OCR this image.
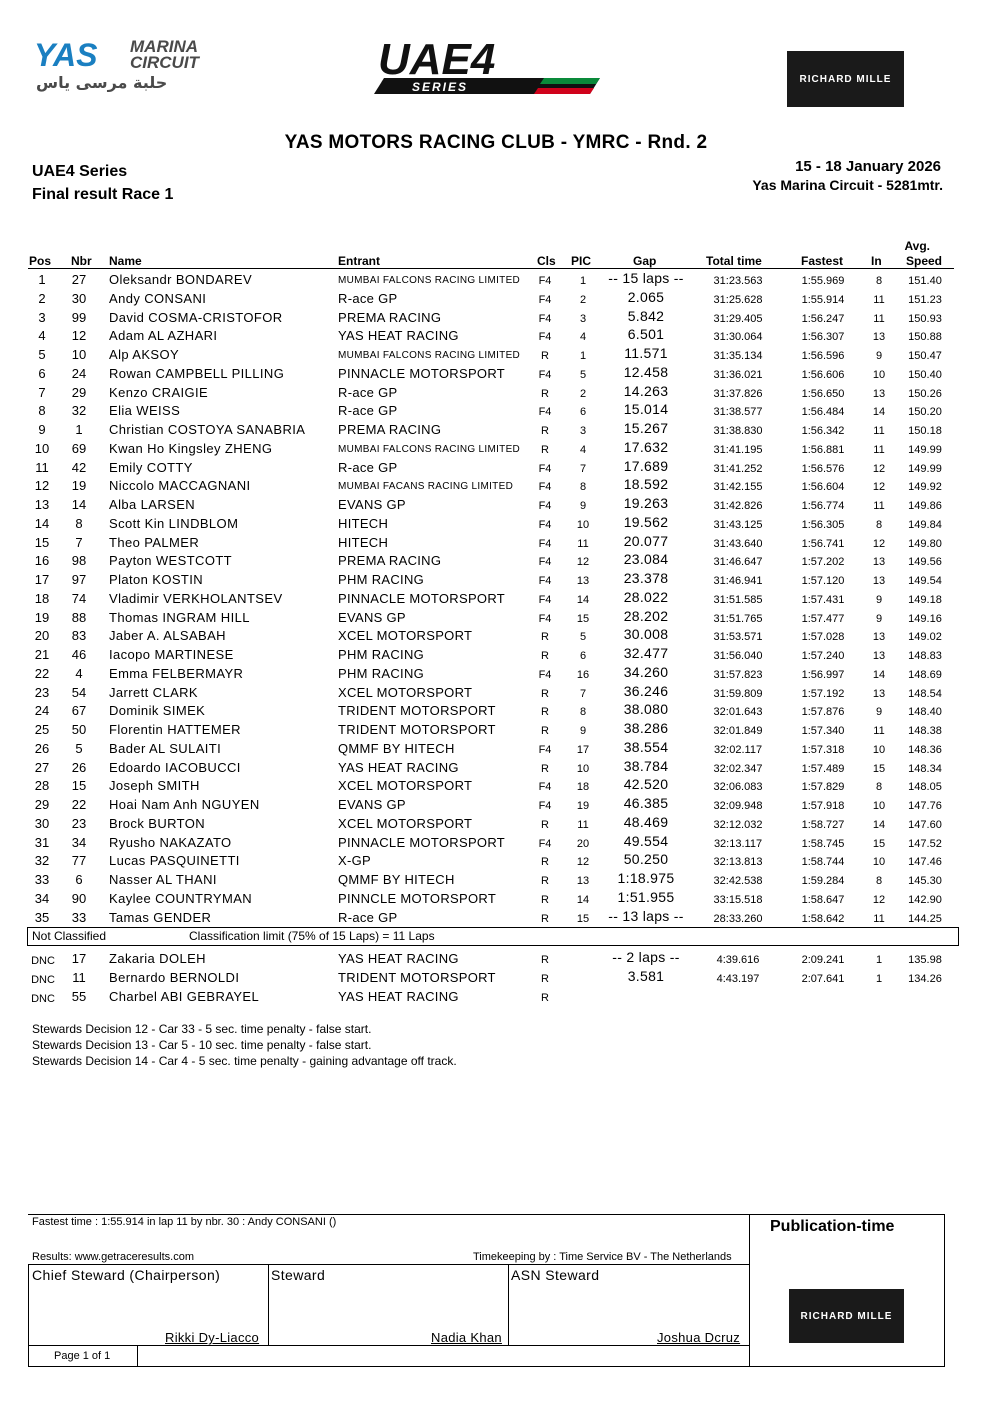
YAS MARINA
CIRCUIT
حلبة مرسى ياس	UAE4
SERIES
RICHARD MILLE
YAS MOTORS RACING CLUB - YMRC - Rnd. 2
UAE4 Series
Final result Race 1
15 - 18 January 2026
Yas Marina Circuit - 5281mtr.
Pos Nbr Name	Entrant	Cls PIC	Gap	Total time	Fastest In
Avg.
Speed
1	27	Oleksandr BONDAREV	MUMBAI FALCONS RACING LIMITED	F4	1	-- 15 laps --	31:23.563	1:55.969	8	151.40
2	30	Andy CONSANI	R-ace GP	F4	2	2.065	31:25.628	1:55.914	11	151.23
3	99	David COSMA-CRISTOFOR	PREMA RACING	F4	3	5.842	31:29.405	1:56.247	11	150.93
4	12	Adam AL AZHARI	YAS HEAT RACING	F4	4	6.501	31:30.064	1:56.307	13	150.88
5	10	Alp AKSOY	MUMBAI FALCONS RACING LIMITED	R	1	11.571	31:35.134	1:56.596	9	150.47
6	24	Rowan CAMPBELL PILLING	PINNACLE MOTORSPORT	F4	5	12.458	31:36.021	1:56.606	10	150.40
7	29	Kenzo CRAIGIE	R-ace GP	R	2	14.263	31:37.826	1:56.650	13	150.26
8	32	Elia WEISS	R-ace GP	F4	6	15.014	31:38.577	1:56.484	14	150.20
9	1	Christian COSTOYA SANABRIA	PREMA RACING	R	3	15.267	31:38.830	1:56.342	11	150.18
10	69	Kwan Ho Kingsley ZHENG	MUMBAI FALCONS RACING LIMITED	R	4	17.632	31:41.195	1:56.881	11	149.99
11	42	Emily COTTY	R-ace GP	F4	7	17.689	31:41.252	1:56.576	12	149.99
12	19	Niccolo MACCAGNANI	MUMBAI FACANS RACING LIMITED	F4	8	18.592	31:42.155	1:56.604	12	149.92
13	14	Alba LARSEN	EVANS GP	F4	9	19.263	31:42.826	1:56.774	11	149.86
14	8	Scott Kin LINDBLOM	HITECH	F4	10	19.562	31:43.125	1:56.305	8	149.84
15	7	Theo PALMER	HITECH	F4	11	20.077	31:43.640	1:56.741	12	149.80
16	98	Payton WESTCOTT	PREMA RACING	F4	12	23.084	31:46.647	1:57.202	13	149.56
17	97	Platon KOSTIN	PHM RACING	F4	13	23.378	31:46.941	1:57.120	13	149.54
18	74	Vladimir VERKHOLANTSEV	PINNACLE MOTORSPORT	F4	14	28.022	31:51.585	1:57.431	9	149.18
19	88	Thomas INGRAM HILL	EVANS GP	F4	15	28.202	31:51.765	1:57.477	9	149.16
20	83	Jaber A. ALSABAH	XCEL MOTORSPORT	R	5	30.008	31:53.571	1:57.028	13	149.02
21	46	Iacopo MARTINESE	PHM RACING	R	6	32.477	31:56.040	1:57.240	13	148.83
22	4	Emma FELBERMAYR	PHM RACING	F4	16	34.260	31:57.823	1:56.997	14	148.69
23	54	Jarrett CLARK	XCEL MOTORSPORT	R	7	36.246	31:59.809	1:57.192	13	148.54
24	67	Dominik SIMEK	TRIDENT MOTORSPORT	R	8	38.080	32:01.643	1:57.876	9	148.40
25	50	Florentin HATTEMER	TRIDENT MOTORSPORT	R	9	38.286	32:01.849	1:57.340	11	148.38
26	5	Bader AL SULAITI	QMMF BY HITECH	F4	17	38.554	32:02.117	1:57.318	10	148.36
27	26	Edoardo IACOBUCCI	YAS HEAT RACING	R	10	38.784	32:02.347	1:57.489	15	148.34
28	15	Joseph SMITH	XCEL MOTORSPORT	F4	18	42.520	32:06.083	1:57.829	8	148.05
29	22	Hoai Nam Anh NGUYEN	EVANS GP	F4	19	46.385	32:09.948	1:57.918	10	147.76
30	23	Brock BURTON	XCEL MOTORSPORT	R	11	48.469	32:12.032	1:58.727	14	147.60
31	34	Ryusho NAKAZATO	PINNACLE MOTORSPORT	F4	20	49.554	32:13.117	1:58.745	15	147.52
32	77	Lucas PASQUINETTI	X-GP	R	12	50.250	32:13.813	1:58.744	10	147.46
33	6	Nasser AL THANI	QMMF BY HITECH	R	13	1:18.975	32:42.538	1:59.284	8	145.30
34	90	Kaylee COUNTRYMAN	PINNCLE MOTORSPORT	R	14	1:51.955	33:15.518	1:58.647	12	142.90
35	33	Tamas GENDER	R-ace GP	R	15	-- 13 laps --	28:33.260	1:58.642	11	144.25
Not Classified	Classification limit (75% of 15 Laps) = 11 Laps
DNC	17	Zakaria DOLEH	YAS HEAT RACING	R	-- 2 laps --	4:39.616	2:09.241	1	135.98
DNC	11	Bernardo BERNOLDI	TRIDENT MOTORSPORT	R	3.581	4:43.197	2:07.641	1	134.26
DNC	55	Charbel ABI GEBRAYEL	YAS HEAT RACING	R
Stewards Decision 12 - Car 33 - 5 sec. time penalty - false start.
Stewards Decision 13 - Car 5 - 10 sec. time penalty - false start.
Stewards Decision 14 - Car 4 - 5 sec. time penalty - gaining advantage off track.
Publication-time
Fastest time : 1:55.914 in lap 11 by nbr. 30 : Andy CONSANI ()
Results: www.getraceresults.com	Timekeeping by : Time Service BV - The Netherlands
Chief Steward (Chairperson)	Steward	ASN Steward
Rikki Dy-Liacco	Nadia Khan	Joshua Dcruz
Page 1 of 1
RICHARD MILLE
